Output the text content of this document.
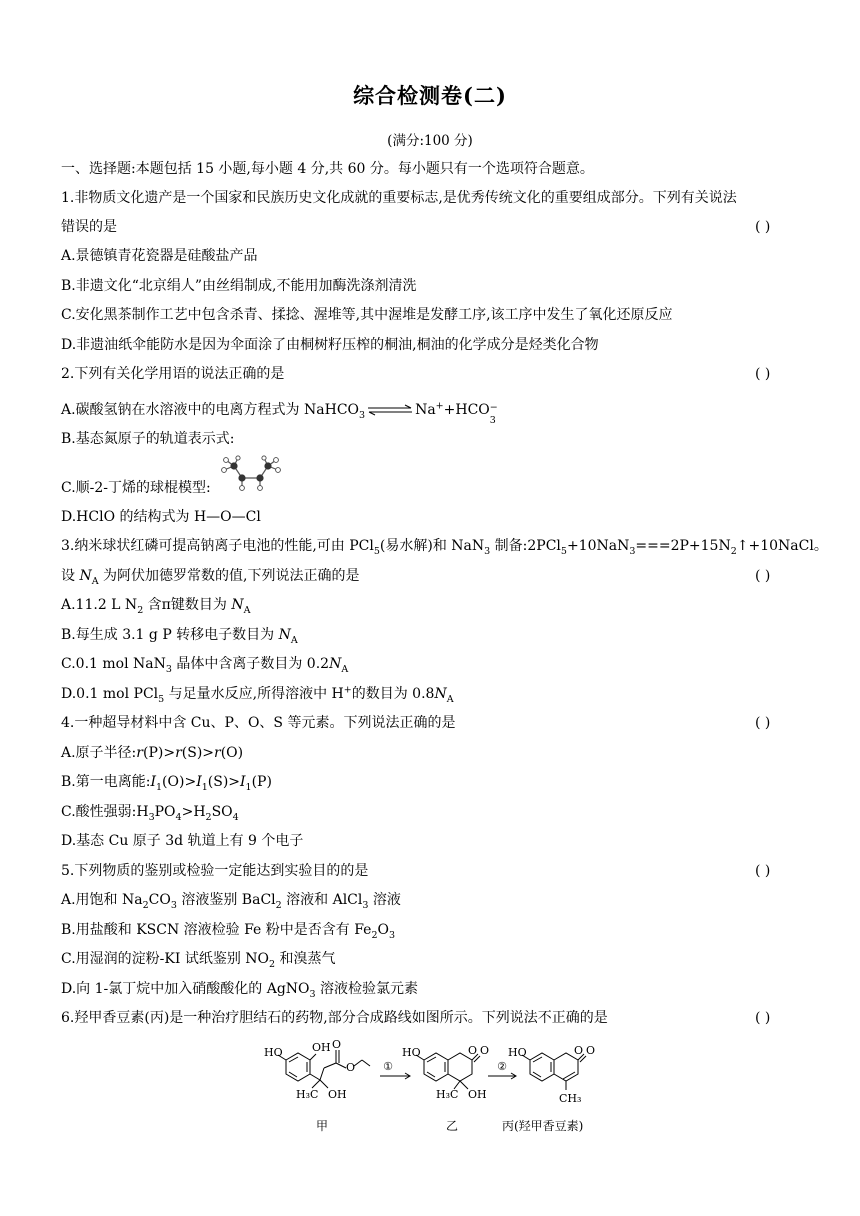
综合检测卷(二)
(满分:100 分)
一、选择题:本题包括 15 小题,每小题 4 分,共 60 分。每小题只有一个选项符合题意。
1.非物质文化遗产是一个国家和民族历史文化成就的重要标志,是优秀传统文化的重要组成部分。下列有关说法
错误的是	( )
A.景德镇青花瓷器是硅酸盐产品
B.非遗文化“北京绢人”由丝绢制成,不能用加酶洗涤剂清洗
C.安化黑茶制作工艺中包含杀青、揉捻、渥堆等,其中渥堆是发酵工序,该工序中发生了氧化还原反应
D.非遗油纸伞能防水是因为伞面涂了由桐树籽压榨的桐油,桐油的化学成分是烃类化合物
2.下列有关化学用语的说法正确的是	( )
A.碳酸氢钠在水溶液中的电离方程式为 NaHCO$_3$ ⇌ Na++HCO −
3
B.基态氮原子的轨道表示式:
C.顺-2-丁烯的球棍模型:
D.HClO 的结构式为 H—O—Cl
3.纳米球状红磷可提高钠离子电池的性能,可由 PCl$_5$(易水解)和 NaN$_3$ 制备$:2PCl_5+10NaN_3===2P+15N_2↑+10NaCl$。
设 $N_A$ 为阿伏加德罗常数的值,下列说法正确的是	( )
A.11.2 L $N_2$ 含π键数目为 $N_A$
B.每生成 3.1 g P 转移电子数目为 $N_A$
C.0.1 mol NaN$_3$ 晶体中含离子数目为 $0.2N_A$
D.0.1 mol PCl$_5$ 与足量水反应,所得溶液中 H+的数目为 $0.8N_A$
4.一种超导材料中含 Cu、P、O、S 等元素。下列说法正确的是	( )
A.原子半径:r(P)>r(S)>r(O)
B.第一电离能$:I_1(O)>I_1(S)>I_1(P)$
C.酸性强弱$:H_3PO_4>H_2SO_4$
D.基态 Cu 原子 3d 轨道上有 9 个电子
5.下列物质的鉴别或检验一定能达到实验目的的是	( )
A.用饱和 $Na_2CO_3$ 溶液鉴别 BaCl$_2$ 溶液和 AlCl$_3$ 溶液
B.用盐酸和 KSCN 溶液检验 Fe 粉中是否含有 $Fe_2O_3$
C.用湿润的淀粉-KI 试纸鉴别 $NO_2$ 和溴蒸气
D.向 1-氯丁烷中加入硝酸酸化的 AgNO$_3$ 溶液检验氯元素
6.羟甲香豆素(丙)是一种治疗胆结石的药物,部分合成路线如图所示。下列说法不正确的是	( )
HO	OH O
O
H₃C OH
①
HO	O O
H₃C OH
②
HO	O O
CH₃
甲	乙	丙(羟甲香豆素)
